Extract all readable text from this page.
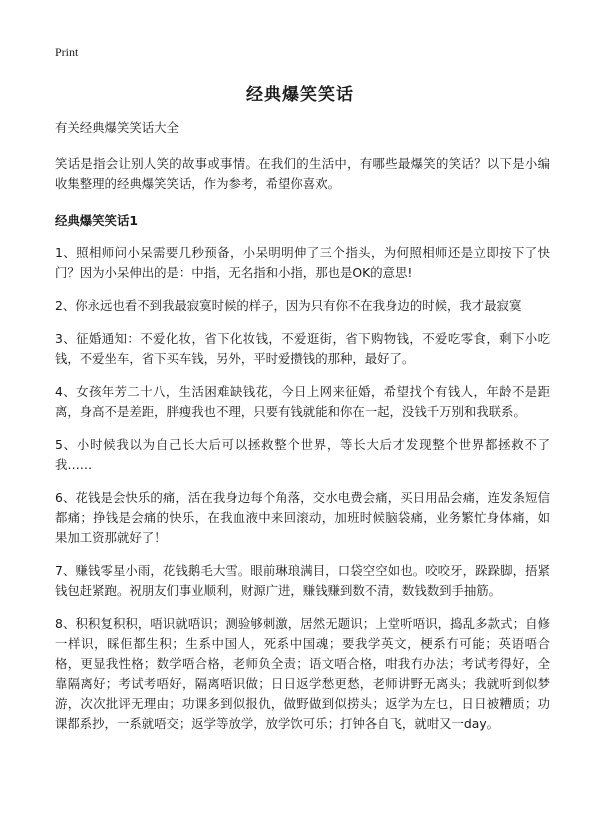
Print
经典爆笑笑话

有关经典爆笑笑话大全

笑话是指会让别人笑的故事或事情。在我们的生活中，有哪些最爆笑的笑话？以下是小编收集整理的经典爆笑笑话，作为参考，希望你喜欢。

经典爆笑笑话1

1、照相师问小呆需要几秒预备，小呆明明伸了三个指头，为何照相师还是立即按下了快门？因为小呆伸出的是：中指，无名指和小指，那也是OK的意思!

2、你永远也看不到我最寂寞时候的样子，因为只有你不在我身边的时候，我才最寂寞

3、征婚通知：不爱化妆，省下化妆钱，不爱逛街，省下购物钱，不爱吃零食，剩下小吃钱，不爱坐车，省下买车钱，另外，平时爱攒钱的那种，最好了。

4、女孩年芳二十八，生活困难缺钱花，今日上网来征婚，希望找个有钱人，年龄不是距离，身高不是差距，胖瘦我也不理，只要有钱就能和你在一起，没钱千万别和我联系。

5、小时候我以为自己长大后可以拯救整个世界，等长大后才发现整个世界都拯救不了我……

6、花钱是会快乐的痛，活在我身边每个角落，交水电费会痛，买日用品会痛，连发条短信都痛；挣钱是会痛的快乐，在我血液中来回滚动，加班时候脑袋痛，业务繁忙身体痛，如果加工资那就好了！

7、赚钱零星小雨，花钱鹅毛大雪。眼前琳琅满目，口袋空空如也。咬咬牙，跺跺脚，捂紧钱包赶紧跑。祝朋友们事业顺利，财源广进，赚钱赚到数不清，数钱数到手抽筋。

8、积积复积积，唔识就唔识；测验够刺激，居然无题识；上堂听唔识，捣乱多款式；自修一样识，睬佢都生积；生系中国人，死系中国魂；要我学英文，梗系冇可能；英语唔合格，更显我性格；数学唔合格，老师负全责；语文唔合格，咁我冇办法；考试考得好，全靠隔离好；考试考唔好，隔离唔识做；日日返学愁更愁，老师讲野无离头；我就听到似梦游，次次批评无理由；功课多到似报仇，做野做到似捞头；返学为左乜，日日被糟质；功课都系抄，一系就唔交；返学等放学，放学饮可乐；打钟各自飞，就咁又一day。
